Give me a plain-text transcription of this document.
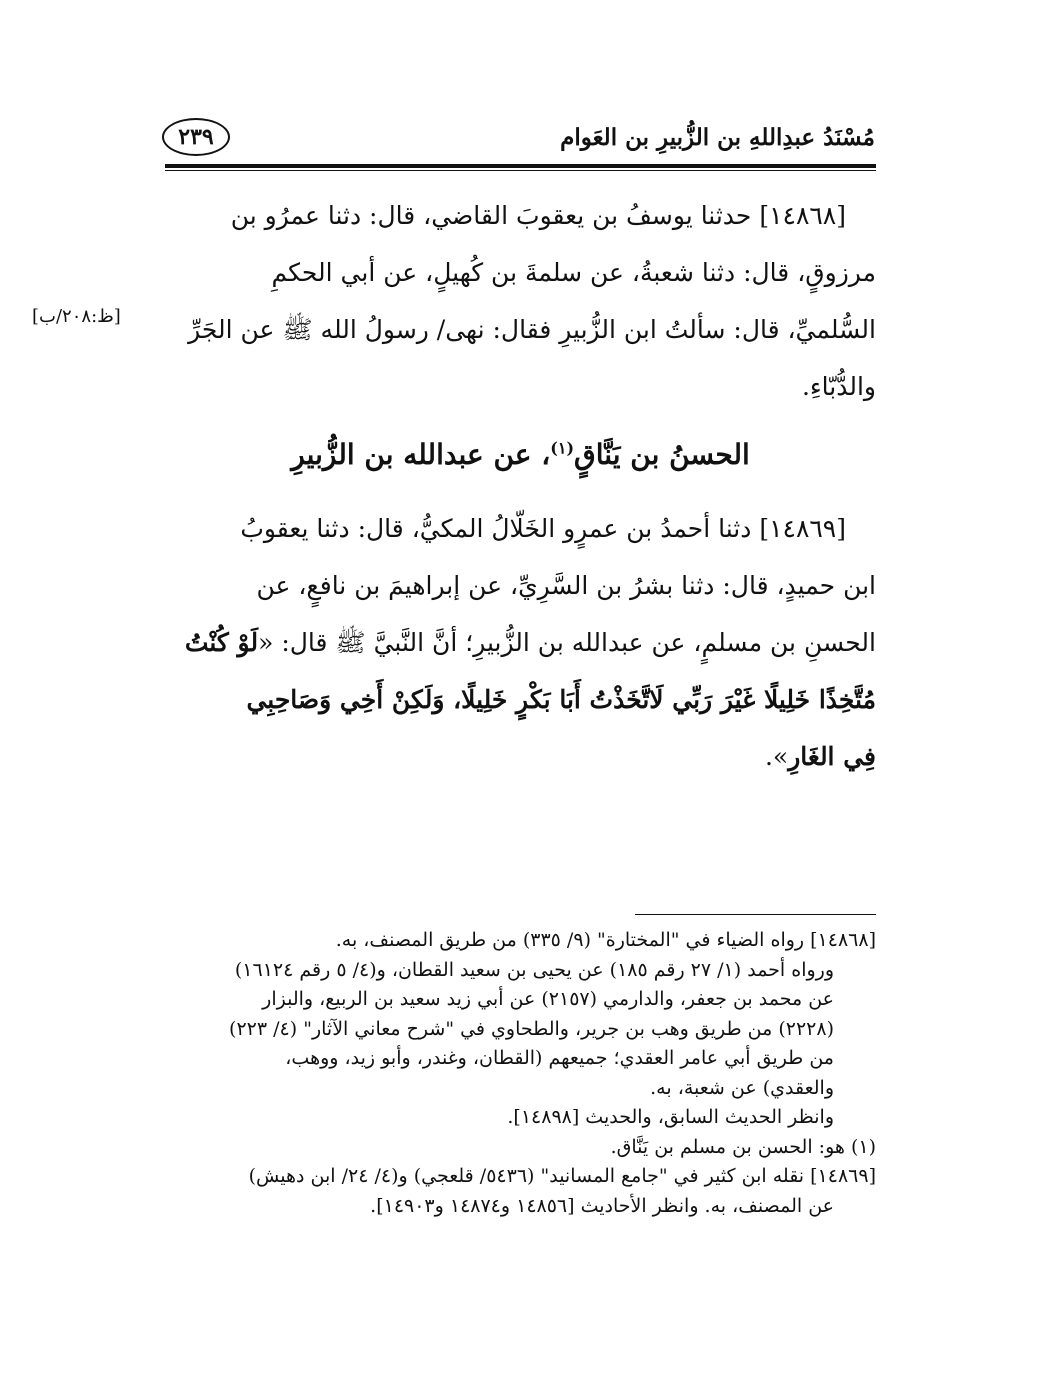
مُسْنَدُ عبدِاللهِ بن الزُّبيرِ بن العَوام
٢٣٩
[١٤٨٦٨] حدثنا يوسفُ بن يعقوبَ القاضي، قال: دثنا عمرُو بن
مرزوقٍ، قال: دثنا شعبةُ، عن سلمةَ بن كُهيلٍ، عن أبي الحكمِ
السُّلميِّ، قال: سألتُ ابن الزُّبيرِ فقال: نهى/ رسولُ الله ﷺ عن الجَرِّ
والدُّبّاءِ.
[ظ:٢٠٨/ب]
الحسنُ بن يَنَّاقٍ$^{(١)}$، عن عبدالله بن الزُّبيرِ
[١٤٨٦٩] دثنا أحمدُ بن عمرٍو الخَلّالُ المكيُّ، قال: دثنا يعقوبُ
ابن حميدٍ، قال: دثنا بشرُ بن السَّرِيِّ، عن إبراهيمَ بن نافعٍ، عن
الحسنِ بن مسلمٍ، عن عبدالله بن الزُّبيرِ؛ أنَّ النَّبيَّ ﷺ قال: «لَوْ كُنْتُ
مُتَّخِذًا خَلِيلًا غَيْرَ رَبِّي لَاتَّخَذْتُ أَبَا بَكْرٍ خَلِيلًا، وَلَكِنْ أَخِي وَصَاحِبِي
فِي الغَارِ».
[١٤٨٦٨] رواه الضياء في "المختارة" (٩/ ٣٣٥) من طريق المصنف، به.
ورواه أحمد (١/ ٢٧ رقم ١٨٥) عن يحيى بن سعيد القطان، و(٤/ ٥ رقم ١٦١٢٤)
عن محمد بن جعفر، والدارمي (٢١٥٧) عن أبي زيد سعيد بن الربيع، والبزار
(٢٢٢٨) من طريق وهب بن جرير، والطحاوي في "شرح معاني الآثار" (٤/ ٢٢٣)
من طريق أبي عامر العقدي؛ جميعهم (القطان، وغندر، وأبو زيد، ووهب،
والعقدي) عن شعبة، به.
وانظر الحديث السابق، والحديث [١٤٨٩٨].
(١) هو: الحسن بن مسلم بن يَنَّاق.
[١٤٨٦٩] نقله ابن كثير في "جامع المسانيد" (٥٤٣٦/ قلعجي) و(٤/ ٢٤/ ابن دهيش)
عن المصنف، به. وانظر الأحاديث [١٤٨٥٦ و١٤٨٧٤ و١٤٩٠٣].
